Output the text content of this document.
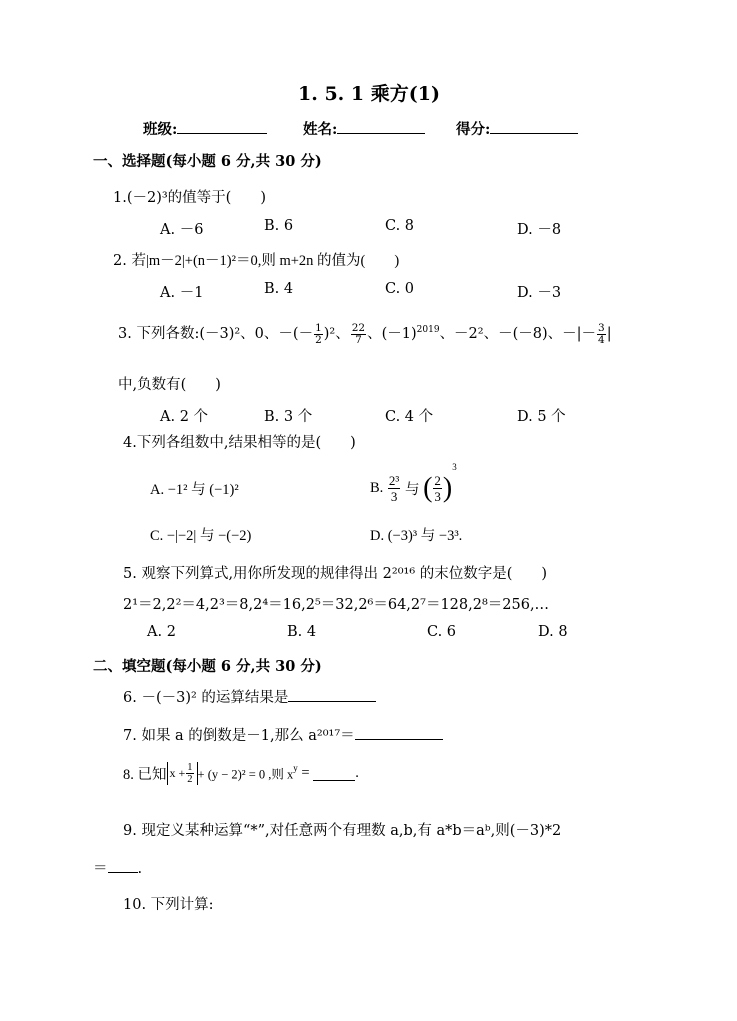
1. 5. 1 乘方(1)
班级:	姓名:	得分:
一、选择题(每小题 6 分,共 30 分)
1.(－2)³的值等于(　　)
A. －6	B. 6	C. 8	D. －8
2. 若|m－2|+(n－1)²＝0,则 m+2n 的值为(　　)
A. －1	B. 4	C. 0	D. －3
3. 下列各数:(－3)²、0、－(－ $\frac{1}{2} )^2$、 $\frac{22}{7}$ 、$(-1)^{2019}$、－2²、－(－8)、－|－ $\frac{3}{4}$ |
中,负数有(　　)
A. 2 个	B. 3 个	C. 4 个	D. 5 个
4.下列各组数中,结果相等的是(　　)
A. −1² 与 (−1)²	B. $\frac{\text{2³}}{3}$ 与 ( $\frac{2}{3} )^3$
C. −|−2| 与 −(−2)	D. (−3)³ 与 −3³.
5. 观察下列算式,用你所发现的规律得出 2²⁰¹⁶ 的末位数字是(　　)
2¹＝2,2²＝4,2³＝8,2⁴＝16,2⁵＝32,2⁶＝64,2⁷＝128,2⁸＝256,…
A. 2	B. 4	C. 6	D. 8
二、填空题(每小题 6 分,共 30 分)
6. －(－3)² 的运算结果是
7. 如果 a 的倒数是－1,那么 a²⁰¹⁷＝
8. 已知 $x + \frac{1}{2} + (y - 2)^2 = 0$ ,则 $x^y$ =	.
9. 现定义某种运算“*”,对任意两个有理数 a,b,有 a*b＝aᵇ,则(－3)*2
＝ .
10. 下列计算:
